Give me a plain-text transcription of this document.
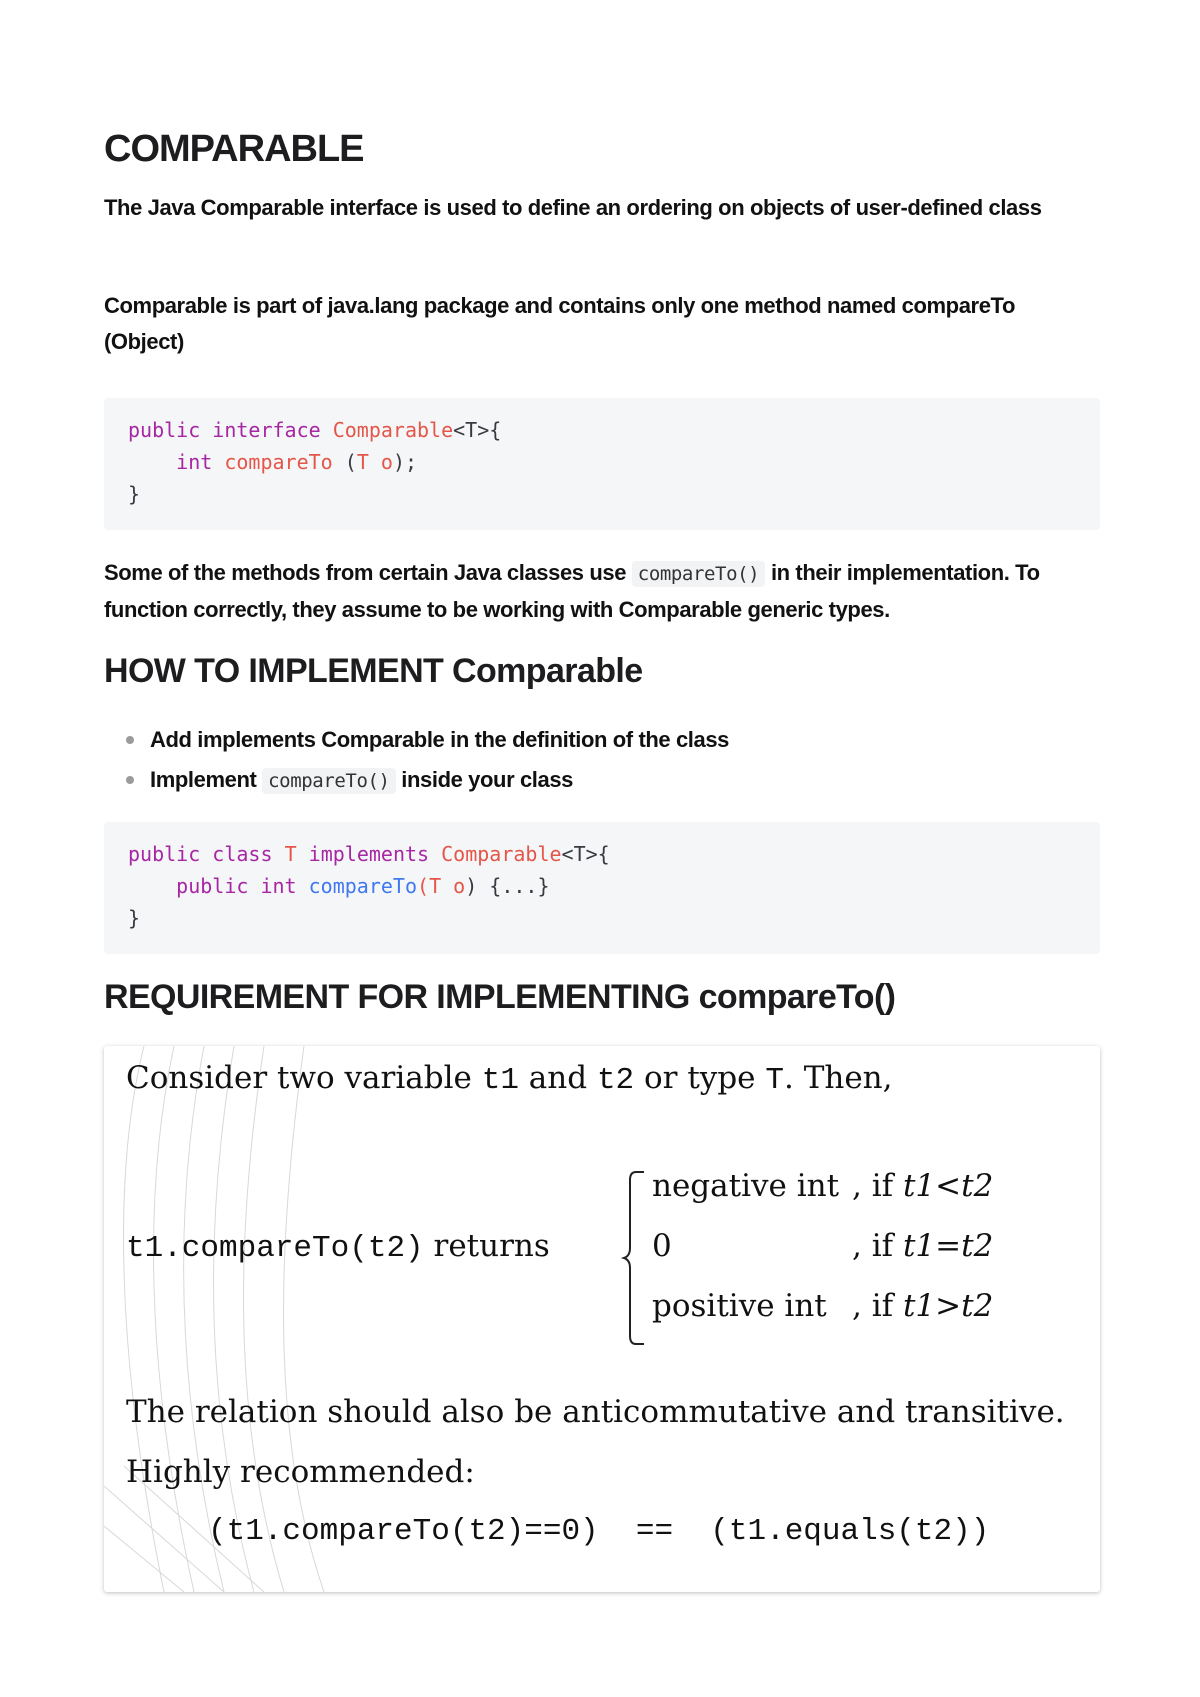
COMPARABLE

The Java Comparable interface is used to define an ordering on objects of user-defined class

Comparable is part of java.lang package and contains only one method named compareTo (Object)

public interface Comparable<T>{
int compareTo (T o);
}

Some of the methods from certain Java classes use compareTo() in their implementation. To function correctly, they assume to be working with Comparable generic types.

HOW TO IMPLEMENT Comparable
Add implements Comparable in the definition of the class
Implement compareTo() inside your class
public class T implements Comparable<T>{
public int compareTo(T o) {...}
}
REQUIREMENT FOR IMPLEMENTING compareTo()
Consider two variable t1 and t2 or type T. Then,
t1.compareTo(t2) returns
negative int , if t1<t2
0	, if t1=t2
positive int , if t1>t2
The relation should also be anticommutative and transitive.
Highly recommended:
(t1.compareTo(t2)==0)  ==  (t1.equals(t2))
